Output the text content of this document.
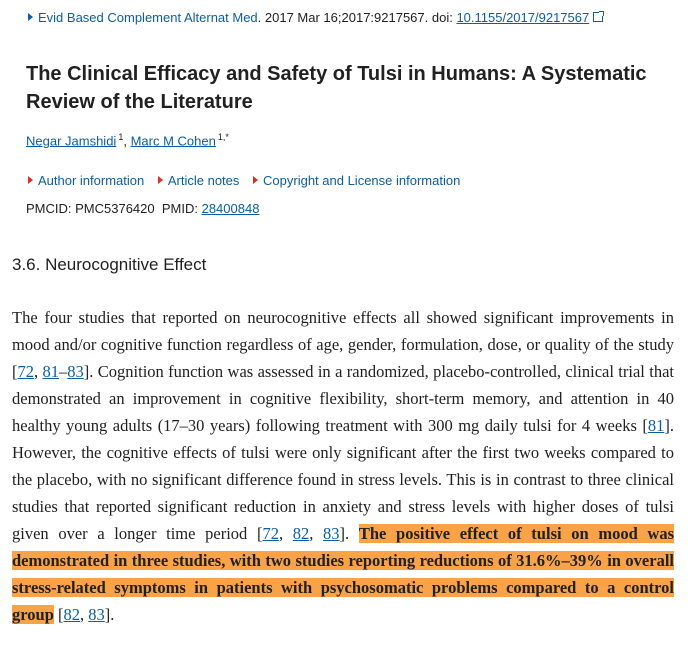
Evid Based Complement Alternat Med. 2017 Mar 16;2017:9217567. doi: 10.1155/2017/9217567
The Clinical Efficacy and Safety of Tulsi in Humans: A Systematic Review of the Literature
Negar Jamshidi $^1$, Marc M Cohen $^{1,*}$
Author information Article notes Copyright and License information
PMCID: PMC5376420 PMID: 28400848
3.6. Neurocognitive Effect

The four studies that reported on neurocognitive effects all showed significant improvements in mood and/or cognitive function regardless of age, gender, formulation, dose, or quality of the study [72, 81–83]. Cognition function was assessed in a randomized, placebo-controlled, clinical trial that demonstrated an improvement in cognitive flexibility, short-term memory, and attention in 40 healthy young adults (17–30 years) following treatment with 300 mg daily tulsi for 4 weeks [81]. However, the cognitive effects of tulsi were only significant after the first two weeks compared to the placebo, with no significant difference found in stress levels. This is in contrast to three clinical studies that reported significant reduction in anxiety and stress levels with higher doses of tulsi given over a longer time period [72, 82, 83]. The positive effect of tulsi on mood was demonstrated in three studies, with two studies reporting reductions of 31.6%–39% in overall stress-related symptoms in patients with psychosomatic problems compared to a control group [82, 83].
